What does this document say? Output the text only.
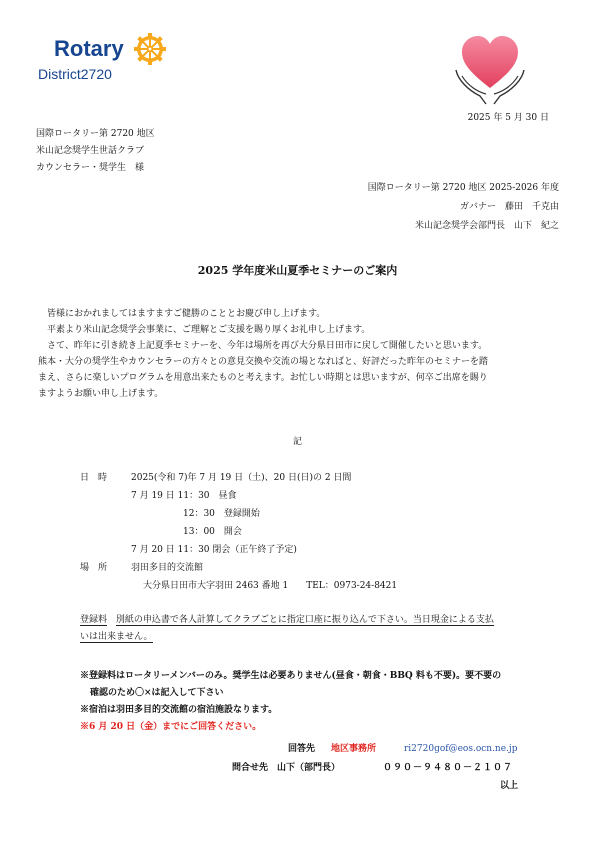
Rotary
District2720
2025 年 5 月 30 日
国際ロータリー第 2720 地区
米山記念奨学生世話クラブ
カウンセラー・奨学生　様
国際ロータリー第 2720 地区 2025-2026 年度
ガバナー　藤田　千克由
米山記念奨学会部門長　山下　紀之
2025 学年度米山夏季セミナーのご案内
皆様におかれましてはますますご健勝のこととお慶び申し上げます。
平素より米山記念奨学会事業に、ご理解とご支援を賜り厚くお礼申し上げます。
さて、昨年に引き続き上記夏季セミナーを、今年は場所を再び大分県日田市に戻して開催したいと思います。
熊本・大分の奨学生やカウンセラーの方々との意見交換や交流の場となればと、好評だった昨年のセミナーを踏
まえ、さらに楽しいプログラムを用意出来たものと考えます。お忙しい時期とは思いますが、何卒ご出席を賜り
ますようお願い申し上げます。
記
日　時	2025(令和 7)年 7 月 19 日（土)、20 日(日)の 2 日間
7 月 19 日 11：30　昼食
12：30　登録開始
13：00　開会
7 月 20 日 11：30 閉会（正午終了予定)
場　所	羽田多目的交流館
大分県日田市大字羽田 2463 番地 1　　TEL：0973-24-8421
登録料 別紙の申込書で各人計算してクラブごとに指定口座に振り込んで下さい。当日現金による支払
いは出来ません。
※登録料はロータリーメンバーのみ。奨学生は必要ありません(昼食・朝食・BBQ 料も不要)。要不要の
確認のため〇×は記入して下さい
※宿泊は羽田多目的交流館の宿泊施設なります。
※6 月 20 日（金）までにご回答ください。
回答先 地区事務所	ri2720gof@eos.ocn.ne.jp
問合せ先　山下（部門長）	０９０－９４８０－２１０７
以上
